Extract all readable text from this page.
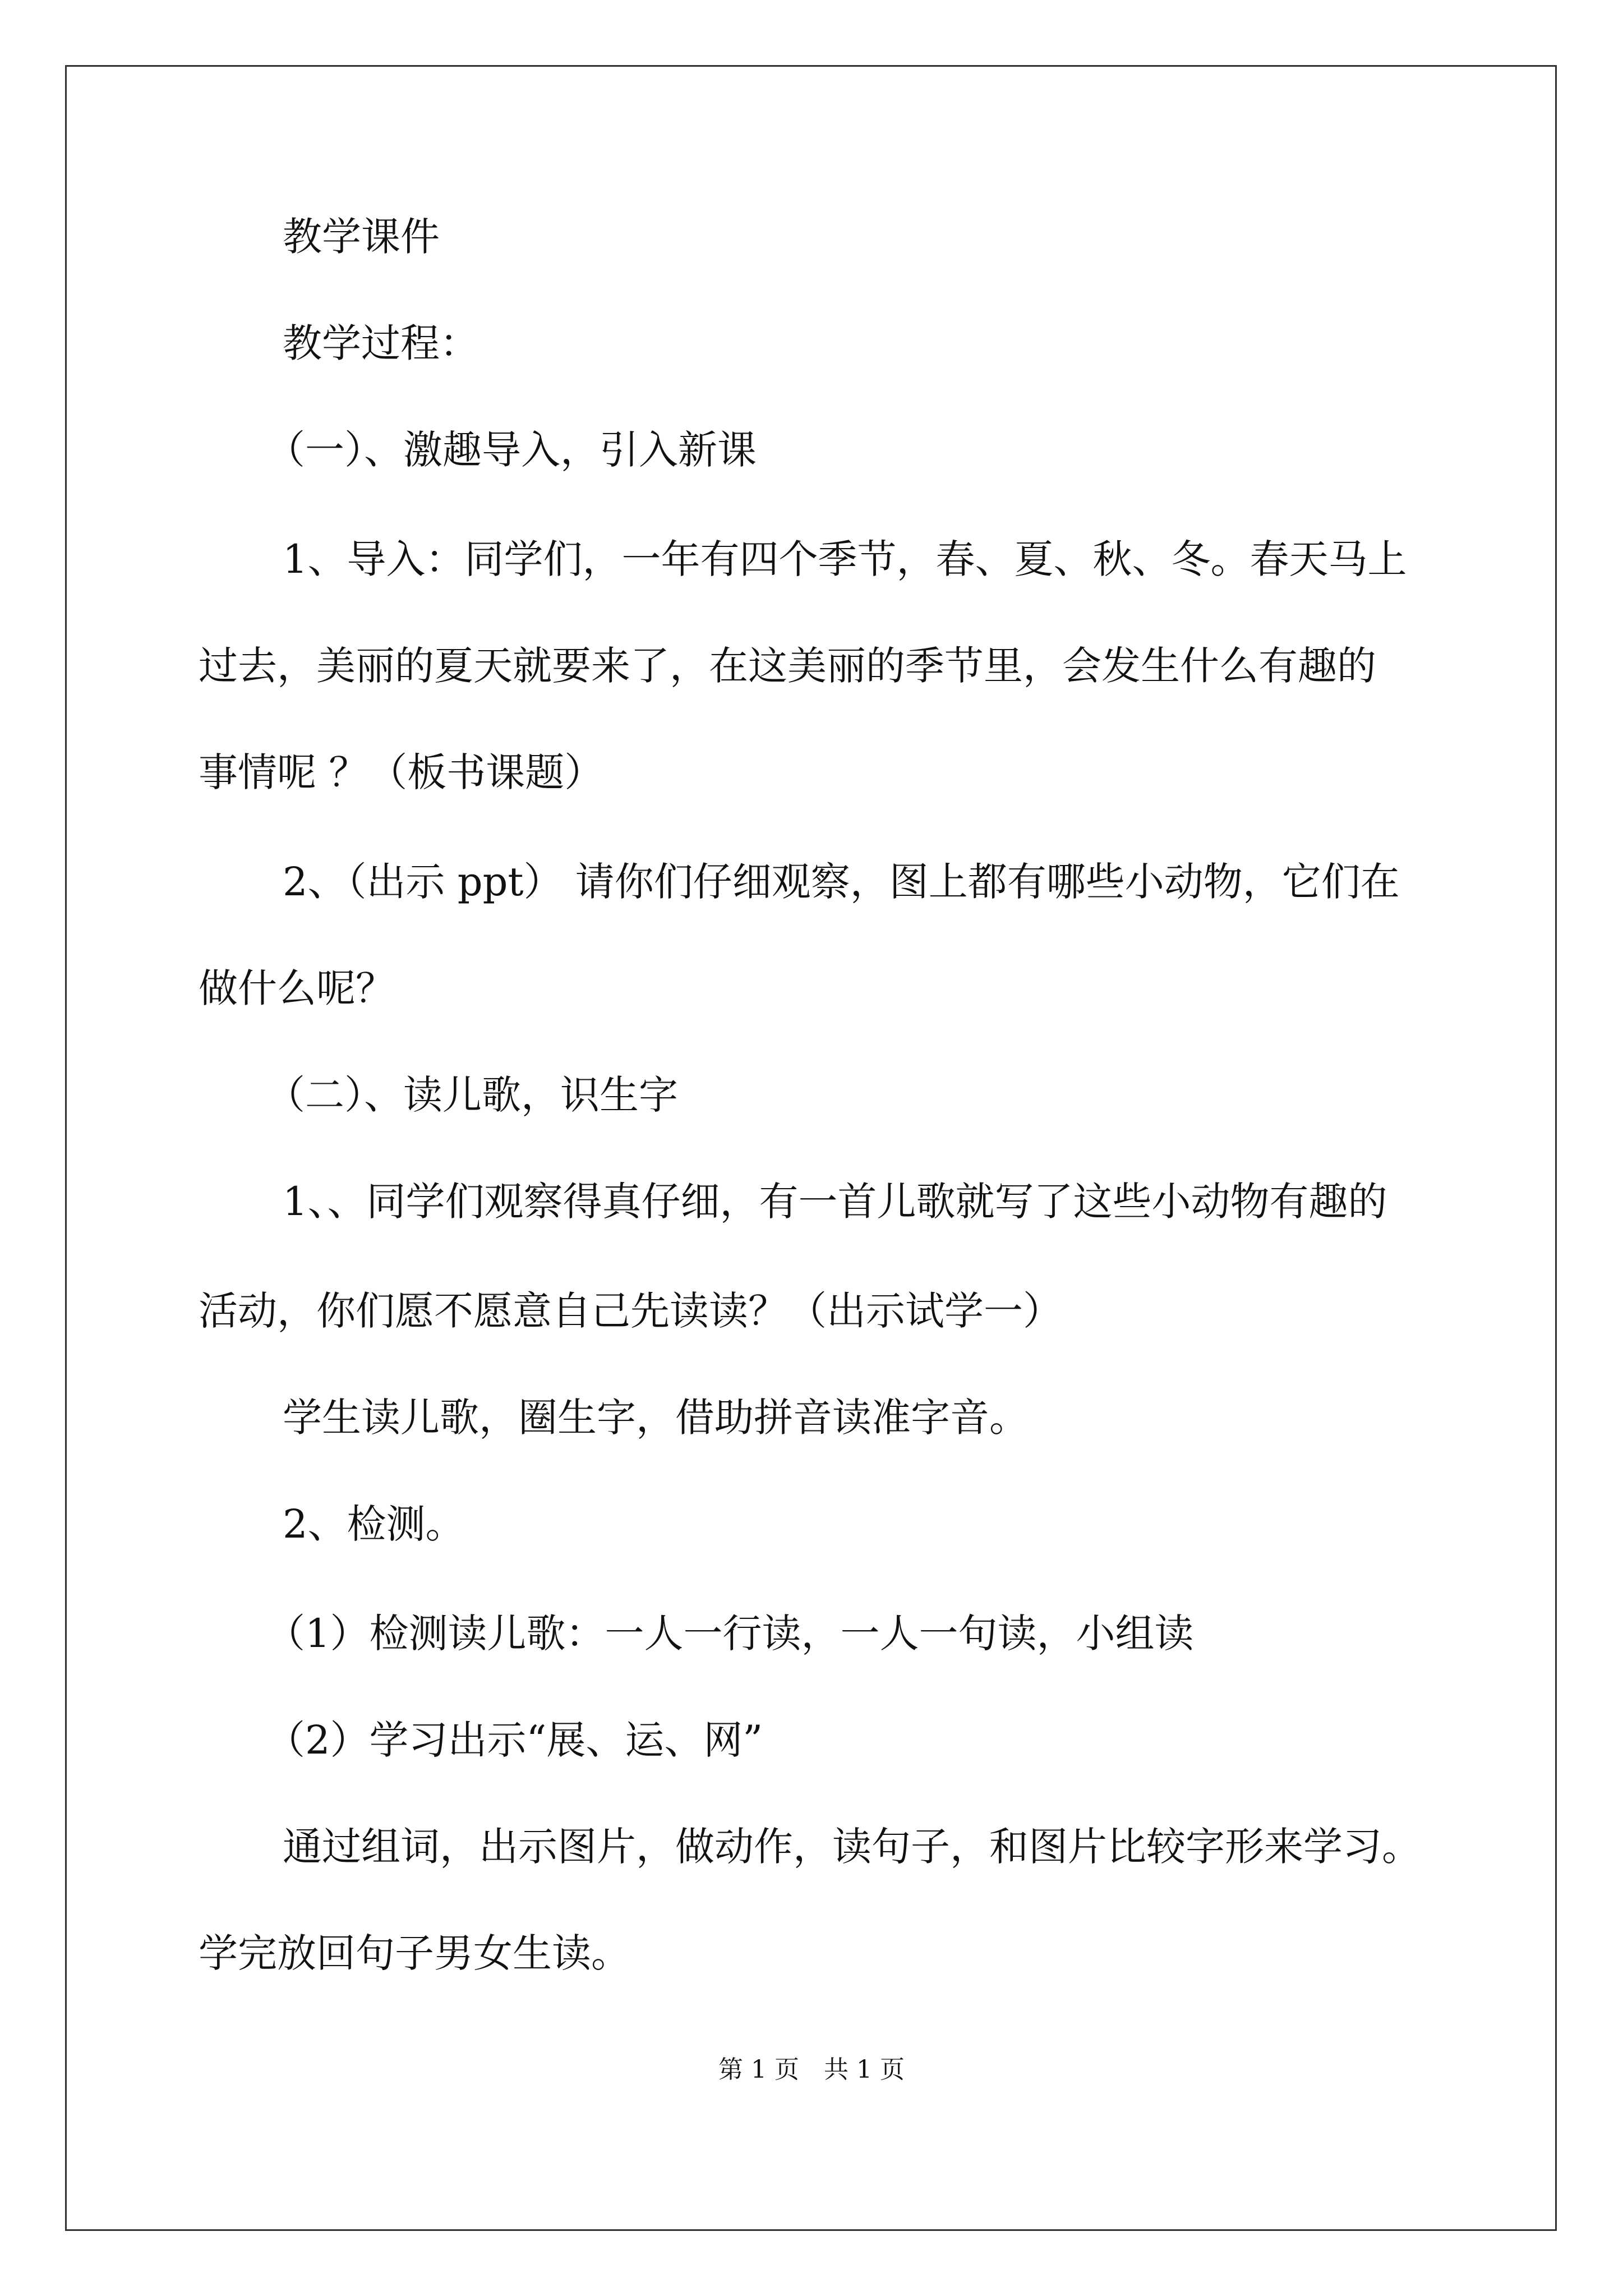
教学课件
教学过程：
（一）、激趣导入，引入新课
1、导入：同学们，一年有四个季节，春、夏、秋、冬。春天马上
过去，美丽的夏天就要来了，在这美丽的季节里，会发生什么有趣的
事情呢 ？（板书课题）
2、（出示 ppt） 请你们仔细观察，图上都有哪些小动物，它们在
做什么呢？
（二）、读儿歌，识生字
1、、同学们观察得真仔细，有一首儿歌就写了这些小动物有趣的
活动，你们愿不愿意自己先读读？（出示试学一）
学生读儿歌，圈生字，借助拼音读准字音。
2、检测。
（1）检测读儿歌：一人一行读，一人一句读，小组读
（2）学习出示“展、运、网”
通过组词，出示图片，做动作，读句子，和图片比较字形来学习。
学完放回句子男女生读。
第 1 页　共 1 页
